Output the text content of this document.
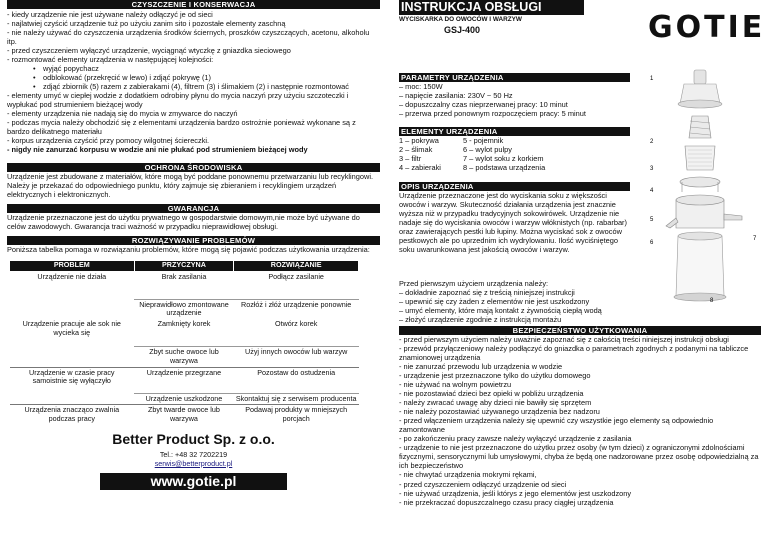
CZYSZCZENIE I KONSERWACJA

- kiedy urządzenie nie jest używane należy odłączyć je od sieci

- najlatwiej czyścić urządzenie tuż po użyciu zanim sito i pozostałe elementy zaschną

- nie należy używać do czyszczenia urządzenia środków ściernych, proszków czyszczących, acetonu, alkoholu itp.

- przed czyszczeniem wyłączyć urządzenie, wyciągnąć wtyczkę z gniazdka sieciowego

- rozmontować elementy urządzenia w następującej kolejności:

• wyjąć popychacz

• odblokować (przekręcić w lewo) i zdjąć pokrywę (1)

• zdjąć zbiornik (5) razem z zabierakami (4), filtrem (3) i ślimakiem (2) i następnie rozmontować

- elementy umyć w ciepłej wodzie z dodatkiem odrobiny płynu do mycia naczyń przy użyciu szczoteczki i wypłukać pod strumieniem bieżącej wody

- elementy urządzenia nie nadają się do mycia w zmywarce do naczyń

- podczas mycia należy obchodzić się z elementami urządzenia bardzo ostrożnie ponieważ wykonane są z bardzo delikatnego materiału

- korpus urządzenia czyścić przy pomocy wilgotnej ściereczki.

- nigdy nie zanurzać korpusu w wodzie ani nie płukać pod strumieniem bieżącej wody

OCHRONA ŚRODOWISKA

Urządzenie jest zbudowane z materiałów, które mogą być poddane ponownemu przetwarzaniu lub recyklingowi. Należy je przekazać do odpowiedniego punktu, który zajmuje się zbieraniem i recyklingiem urządzeń elektrycznych i elektronicznych.

GWARANCJA

Urządzenie przeznaczone jest do użytku prywatnego w gospodarstwie domowym,nie może być używane do celów zawodowych. Gwarancja traci ważność w przypadku nieprawidłowej obsługi.

ROZWIĄZYWANIE PROBLEMÓW

Poniższa tabelka pomaga w rozwiązaniu problemów, które mogą się pojawić podczas użytkowania urządzenia:

PROBLEM	PRZYCZYNA	ROZWIĄZANIE
Urządzenie nie działa	Brak zasilania	Podłącz zasilanie
	Nieprawidłowo zmontowane urządzenie	Rozłóż i złóż urządzenie ponownie
Urządzenie pracuje ale sok nie wycieka się	Zamknięty korek	Otwórz korek
	Zbyt suche owoce lub warzywa	Użyj innych owoców lub warzyw
Urządzenie w czasie pracy samoistnie się wyłączyło	Urządzenie przegrzane	Pozostaw do ostudzenia
	Urządzenie uszkodzone	Skontaktuj się z serwisem producenta
Urządzenia znacząco zwalnia podczas pracy	Zbyt twarde owoce lub warzywa	Podawaj produkty w mniejszych porcjach
Better Product Sp. z o.o.
Tel.: +48 32 7202219
serwis@betterproduct.pl
www.gotie.pl
INSTRUKCJA OBSŁUGI
WYCISKARKA DO OWOCÓW I WARZYW
GSJ-400	GOTIE
PARAMETRY URZĄDZENIA

– moc: 150W

– napięcie zasilania: 230V ~ 50 Hz

– dopuszczalny czas nieprzerwanej pracy: 10 minut

– przerwa przed ponownym rozpoczęciem pracy: 5 minut

ELEMENTY URZĄDZENIA
1 – pokrywa	5 - pojemnik
2 – ślimak	6 – wylot pulpy
3 – filtr	7 – wylot soku z korkiem
4 – zabieraki	8 – podstawa urządzenia
OPIS URZĄDZENIA

Urządzenie przeznaczone jest do wyciskania soku z większości owoców i warzyw. Skuteczność działania urządzenia jest znacznie wyższa niż w przypadku tradycyjnych sokowirówek. Urządzenie nie nadaje się do wyciskania owoców i warzyw włóknistych (np. rabarbar) oraz zawierających pestki lub łupiny. Można wyciskać sok z owoców pestkowych ale po uprzednim ich wydrylowaniu. Ilość wyciśniętego soku uwarunkowana jest jakością owoców i warzyw.

Przed pierwszym użyciem urządzenia należy:

– dokładnie zapoznać się z treścią niniejszej instrukcji

– upewnić się czy żaden z elementów nie jest uszkodzony

– umyć elementy, które mają kontakt z żywnością ciepłą wodą

– złożyć urządzenie zgodnie z instrukcją montażu

1
2
3
4
5
6
7
8
BEZPIECZEŃSTWO UŻYTKOWANIA

- przed pierwszym użyciem należy uważnie zapoznać się z całością treści niniejszej instrukcji obsługi

- przewód przyłączeniowy należy podłączyć do gniazdka o parametrach zgodnych z podanymi na tabliczce znamionowej urządzenia

- nie zanurzać przewodu lub urządzenia w wodzie

- urządzenie jest przeznaczone tylko do użytku domowego

- nie używać na wolnym powietrzu

- nie pozostawiać dzieci bez opieki w pobliżu urządzenia

- należy zwracać uwagę aby dzieci nie bawiły się sprzętem

- nie należy pozostawiać używanego urządzenia bez nadzoru

- przed włączeniem urządzenia należy się upewnić czy wszystkie jego elementy są odpowiednio zamontowane

- po zakończeniu pracy zawsze należy wyłączyć urządzenie z zasilania

- urządzenie to nie jest przeznaczone do użytku przez osoby (w tym dzieci) z ograniczonymi zdolnościami fizycznymi, sensorycznymi lub umysłowymi, chyba że będą one nadzorowane przez osobę odpowiedzialną za ich bezpieczeństwo

- nie chwytać urządzenia mokrymi rękami,

- przed czyszczeniem odłączyć urządzenie od sieci

- nie używać urządzenia, jeśli którys z jego elementów jest uszkodzony

- nie przekraczać dopuszczalnego czasu pracy ciągłej urządzenia
